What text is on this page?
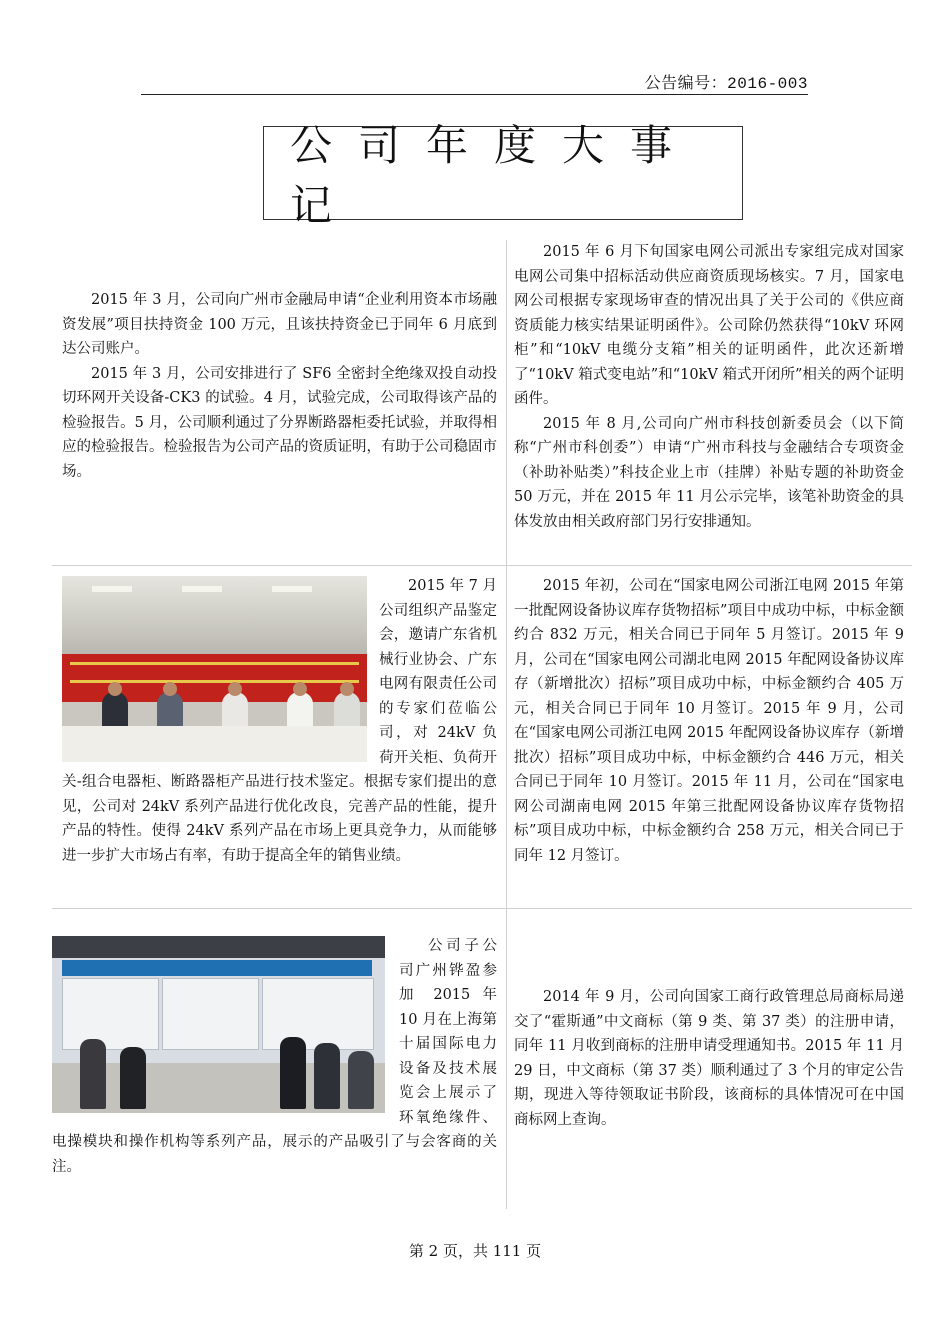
公告编号：2016-003
公司年度大事记

2015 年 3 月，公司向广州市金融局申请“企业利用资本市场融资发展”项目扶持资金 100 万元，且该扶持资金已于同年 6 月底到达公司账户。

2015 年 3 月，公司安排进行了 SF6 全密封全绝缘双投自动投切环网开关设备-CK3 的试验。4 月，试验完成，公司取得该产品的检验报告。5 月，公司顺利通过了分界断路器柜委托试验，并取得相应的检验报告。检验报告为公司产品的资质证明，有助于公司稳固市场。

2015 年 6 月下旬国家电网公司派出专家组完成对国家电网公司集中招标活动供应商资质现场核实。7 月，国家电网公司根据专家现场审查的情况出具了关于公司的《供应商资质能力核实结果证明函件》。公司除仍然获得“10kV 环网柜”和“10kV 电缆分支箱”相关的证明函件，此次还新增了“10kV 箱式变电站”和“10kV 箱式开闭所”相关的两个证明函件。

2015 年 8 月,公司向广州市科技创新委员会（以下简称“广州市科创委”）申请“广州市科技与金融结合专项资金（补助补贴类）”科技企业上市（挂牌）补贴专题的补助资金 50 万元，并在 2015 年 11 月公示完毕，该笔补助资金的具体发放由相关政府部门另行安排通知。

2015 年 7 月公司组织产品鉴定会，邀请广东省机械行业协会、广东电网有限责任公司的专家们莅临公司，对 24kV 负荷开关柜、负荷开关-组合电器柜、断路器柜产品进行技术鉴定。根据专家们提出的意见，公司对 24kV 系列产品进行优化改良，完善产品的性能，提升产品的特性。使得 24kV 系列产品在市场上更具竞争力，从而能够进一步扩大市场占有率，有助于提高全年的销售业绩。
2015 年初，公司在“国家电网公司浙江电网 2015 年第一批配网设备协议库存货物招标”项目中成功中标，中标金额约合 832 万元，相关合同已于同年 5 月签订。2015 年 9 月，公司在“国家电网公司湖北电网 2015 年配网设备协议库存（新增批次）招标”项目成功中标，中标金额约合 405 万元，相关合同已于同年 10 月签订。2015 年 9 月，公司在“国家电网公司浙江电网 2015 年配网设备协议库存（新增批次）招标”项目成功中标，中标金额约合 446 万元，相关合同已于同年 10 月签订。2015 年 11 月，公司在“国家电网公司湖南电网 2015 年第三批配网设备协议库存货物招标”项目成功中标，中标金额约合 258 万元，相关合同已于同年 12 月签订。
公司子公司广州铧盈参加 2015 年 10 月在上海第十届国际电力设备及技术展览会上展示了环氧绝缘件、电操模块和操作机构等系列产品，展示的产品吸引了与会客商的关注。
2014 年 9 月，公司向国家工商行政管理总局商标局递交了“霍斯通”中文商标（第 9 类、第 37 类）的注册申请，同年 11 月收到商标的注册申请受理通知书。2015 年 11 月 29 日，中文商标（第 37 类）顺利通过了 3 个月的审定公告期，现进入等待领取证书阶段，该商标的具体情况可在中国商标网上查询。
第 2 页，共 111 页
